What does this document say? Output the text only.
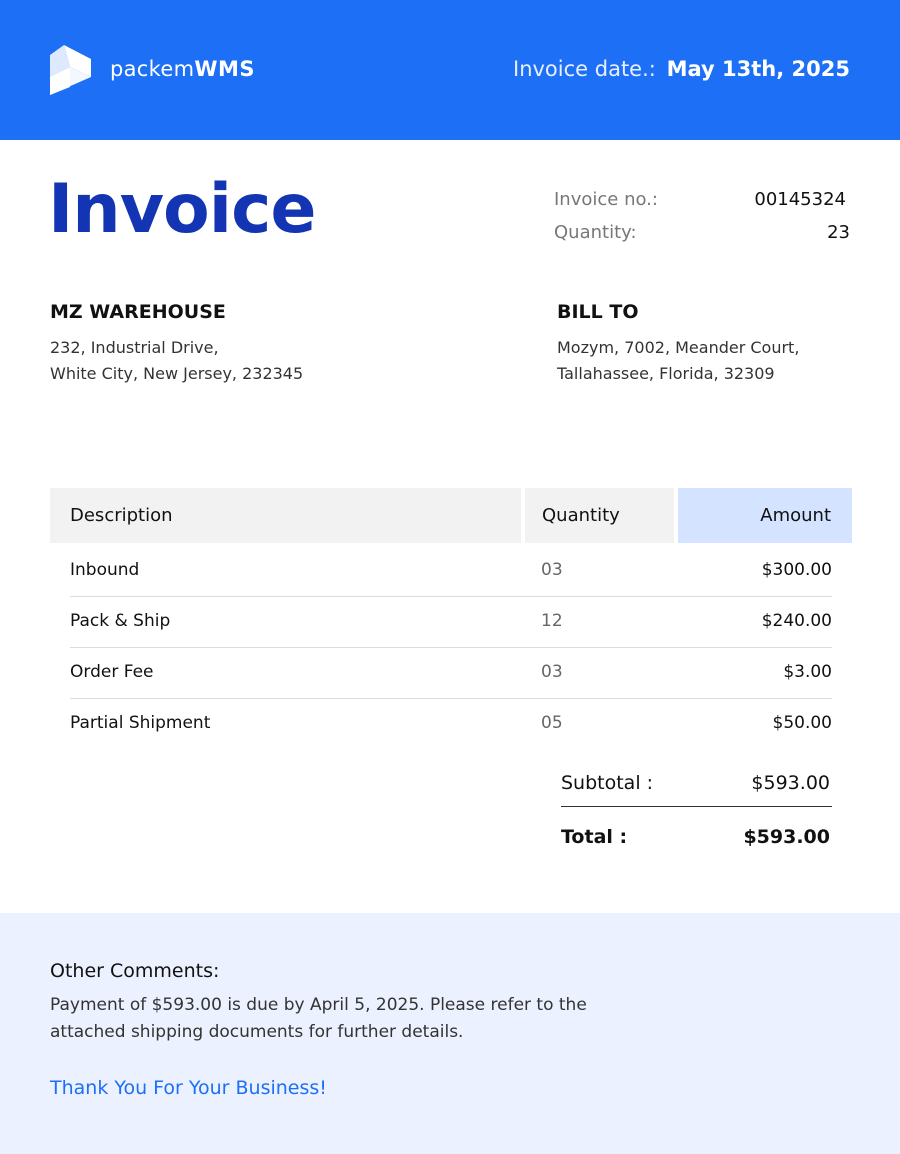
packemWMS	Invoice date.: May 13th, 2025
Invoice	Invoice no.:	00145324
Quantity:	23
MZ WAREHOUSE
232, Industrial Drive,
White City, New Jersey, 232345
BILL TO
Mozym, 7002, Meander Court,
Tallahassee, Florida, 32309
Description	Quantity	Amount
Inbound	03	$300.00
Pack & Ship	12	$240.00
Order Fee	03	$3.00
Partial Shipment	05	$50.00
Subtotal :	$593.00
Total :	$593.00
Other Comments:
Payment of $593.00 is due by April 5, 2025. Please refer to the
attached shipping documents for further details.
Thank You For Your Business!
